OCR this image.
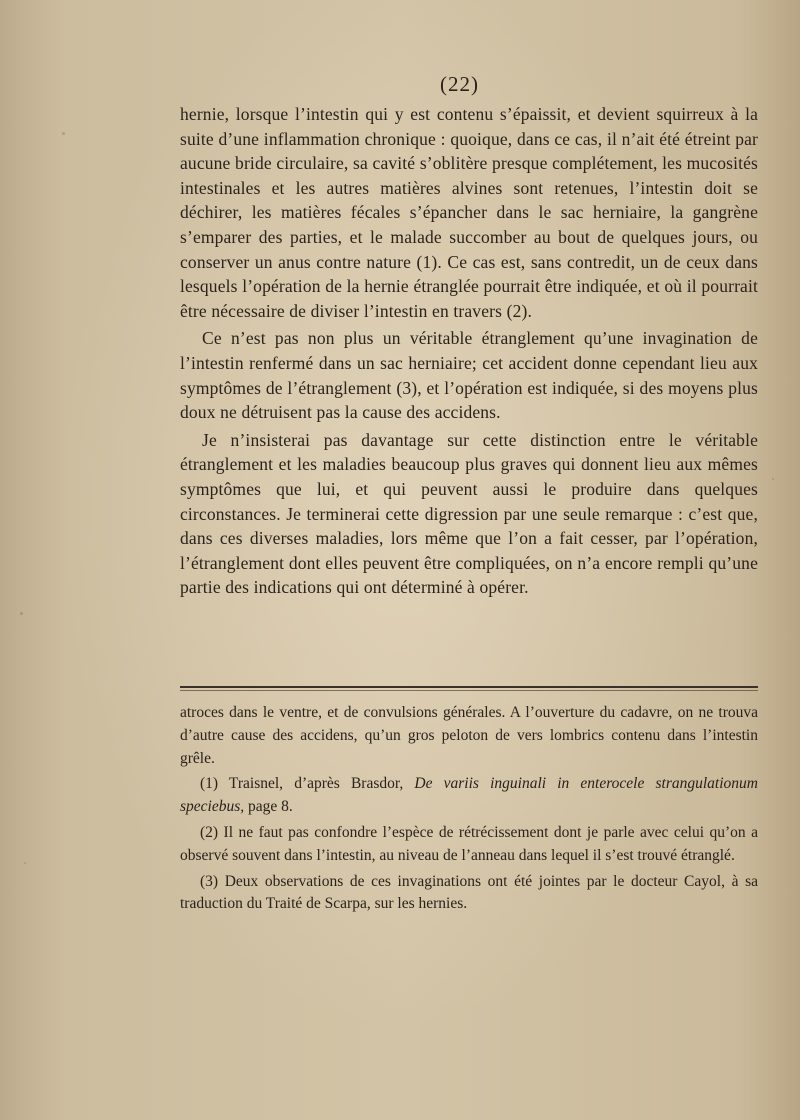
(22)

hernie, lorsque l’intestin qui y est contenu s’épaissit, et devient squirreux à la suite d’une inflammation chronique : quoique, dans ce cas, il n’ait été étreint par aucune bride circulaire, sa cavité s’oblitère presque complétement, les mucosités intestinales et les autres matières alvines sont retenues, l’intestin doit se déchirer, les matières fécales s’épancher dans le sac herniaire, la gangrène s’emparer des parties, et le malade succomber au bout de quelques jours, ou conserver un anus contre nature (1). Ce cas est, sans contredit, un de ceux dans lesquels l’opération de la hernie étranglée pourrait être indiquée, et où il pourrait être nécessaire de diviser l’intestin en travers (2).

Ce n’est pas non plus un véritable étranglement qu’une invagination de l’intestin renfermé dans un sac herniaire; cet accident donne cependant lieu aux symptômes de l’étranglement (3), et l’opération est indiquée, si des moyens plus doux ne détruisent pas la cause des accidens.

Je n’insisterai pas davantage sur cette distinction entre le véritable étranglement et les maladies beaucoup plus graves qui donnent lieu aux mêmes symptômes que lui, et qui peuvent aussi le produire dans quelques circonstances. Je terminerai cette digression par une seule remarque : c’est que, dans ces diverses maladies, lors même que l’on a fait cesser, par l’opération, l’étranglement dont elles peuvent être compliquées, on n’a encore rempli qu’une partie des indications qui ont déterminé à opérer.

atroces dans le ventre, et de convulsions générales. A l’ouverture du cadavre, on ne trouva d’autre cause des accidens, qu’un gros peloton de vers lombrics contenu dans l’intestin grêle.

(1) Traisnel, d’après Brasdor, De variis inguinali in enterocele strangulationum speciebus, page 8.

(2) Il ne faut pas confondre l’espèce de rétrécissement dont je parle avec celui qu’on a observé souvent dans l’intestin, au niveau de l’anneau dans lequel il s’est trouvé étranglé.

(3) Deux observations de ces invaginations ont été jointes par le docteur Cayol, à sa traduction du Traité de Scarpa, sur les hernies.
